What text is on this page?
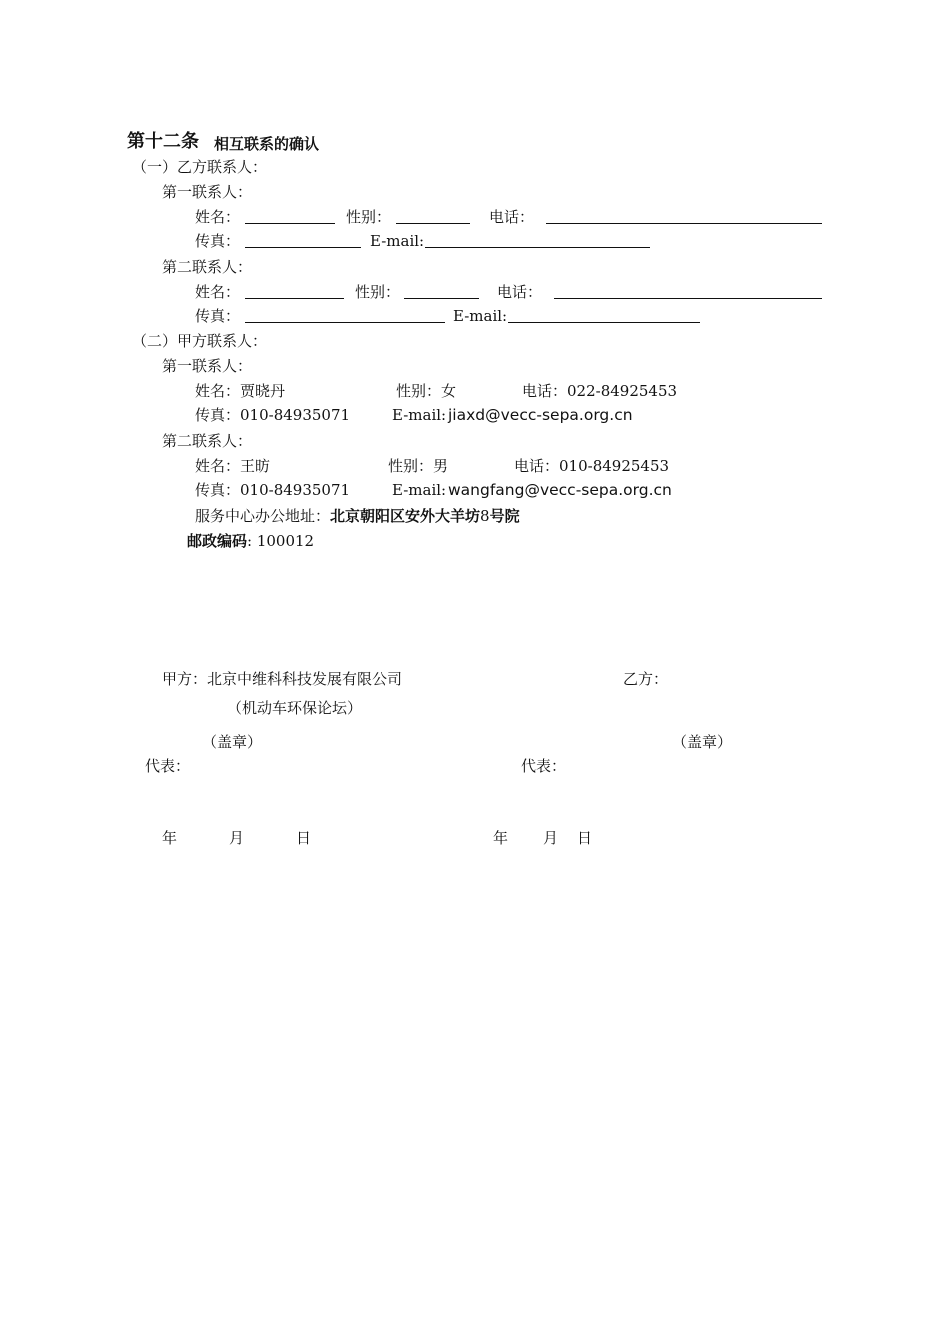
第十二条 相互联系的确认
（一）乙方联系人：
第一联系人：
姓名：	性别：	电话：
传真：	E-mail:
第二联系人：
姓名：	性别：	电话：
传真：	E-mail:
（二）甲方联系人：
第一联系人：
姓名：贾晓丹	性别：女	电话：022-84925453
传真：010-84935071	E-mail: jiaxd@vecc-sepa.org.cn
第二联系人：
姓名：王昉	性别：男	电话：010-84925453
传真：010-84935071	E-mail: wangfang@vecc-sepa.org.cn
服务中心办公地址：北京朝阳区安外大羊坊8号院
邮政编码: 100012
甲方：北京中维科科技发展有限公司	乙方：
（机动车环保论坛）
（盖章）	（盖章）
代表：	代表：
年	月	日	年 月 日
